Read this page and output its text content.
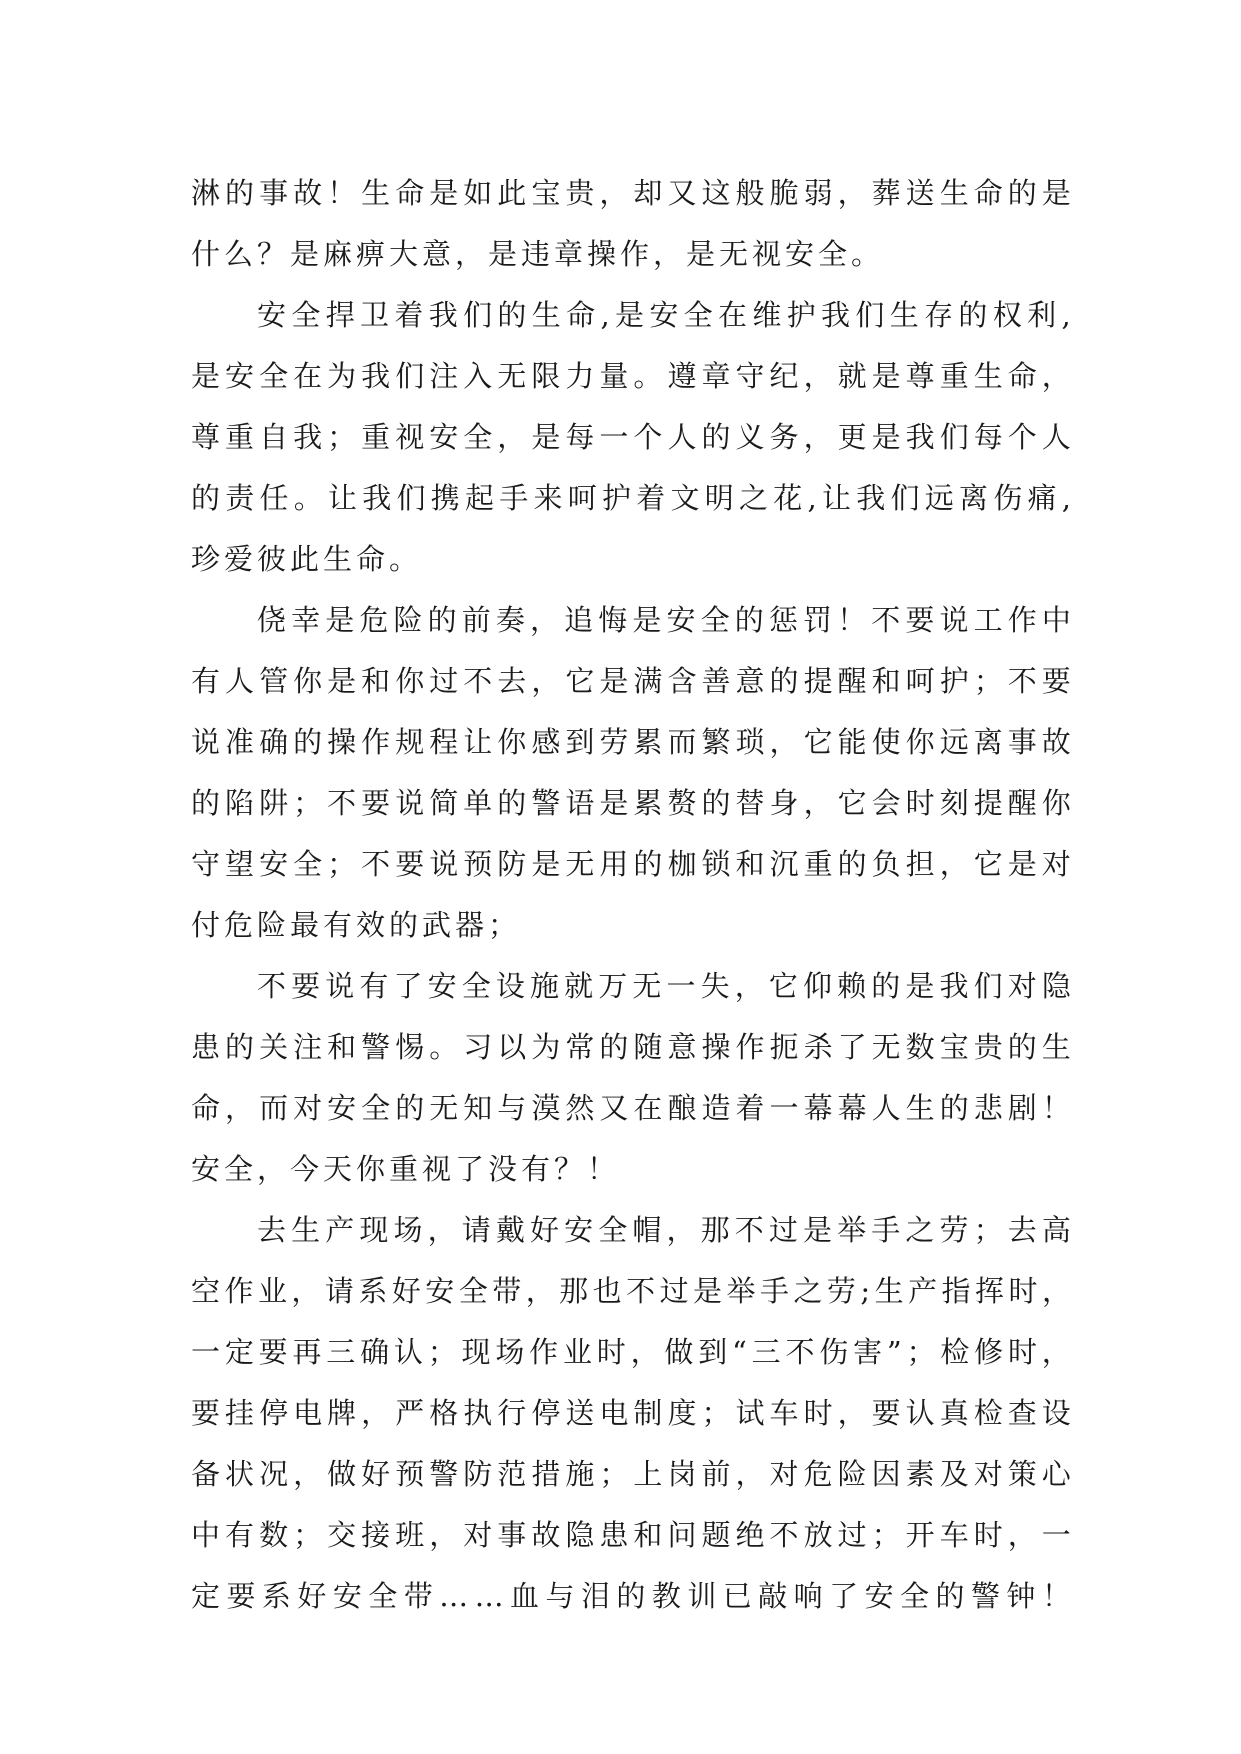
淋 的 事 故 ！ 生 命 是 如 此 宝 贵 ， 却 又 这 般 脆 弱 ， 葬 送 生 命 的 是
什么？是麻痹大意，是违章操作，是无视安全。
安 全 捍 卫 着 我 们 的 生 命 , 是 安 全 在 维 护 我 们 生 存 的 权 利 ,
是 安 全 在 为 我 们 注 入 无 限 力 量 。 遵 章 守 纪 ， 就 是 尊 重 生 命 ，
尊 重 自 我 ； 重 视 安 全 ， 是 每 一 个 人 的 义 务 ， 更 是 我 们 每 个 人
的 责 任 。 让 我 们 携 起 手 来 呵 护 着 文 明 之 花 , 让 我 们 远 离 伤 痛 ,
珍爱彼此生命。
侥 幸 是 危 险 的 前 奏 ， 追 悔 是 安 全 的 惩 罚 ！ 不 要 说 工 作 中
有 人 管 你 是 和 你 过 不 去 ， 它 是 满 含 善 意 的 提 醒 和 呵 护 ； 不 要
说 准 确 的 操 作 规 程 让 你 感 到 劳 累 而 繁 琐 ， 它 能 使 你 远 离 事 故
的 陷 阱 ； 不 要 说 简 单 的 警 语 是 累 赘 的 替 身 ， 它 会 时 刻 提 醒 你
守 望 安 全 ； 不 要 说 预 防 是 无 用 的 枷 锁 和 沉 重 的 负 担 ， 它 是 对
付危险最有效的武器；
不 要 说 有 了 安 全 设 施 就 万 无 一 失 ， 它 仰 赖 的 是 我 们 对 隐
患 的 关 注 和 警 惕 。 习 以 为 常 的 随 意 操 作 扼 杀 了 无 数 宝 贵 的 生
命 ， 而 对 安 全 的 无 知 与 漠 然 又 在 酿 造 着 一 幕 幕 人 生 的 悲 剧 ！
安全，今天你重视了没有？！
去 生 产 现 场 ， 请 戴 好 安 全 帽 ， 那 不 过 是 举 手 之 劳 ； 去 高
空 作 业 ， 请 系 好 安 全 带 ， 那 也 不 过 是 举 手 之 劳 ; 生 产 指 挥 时 ，
一 定 要 再 三 确 认 ； 现 场 作 业 时 ， 做 到 “ 三 不 伤 害 ” ； 检 修 时 ，
要 挂 停 电 牌 ， 严 格 执 行 停 送 电 制 度 ； 试 车 时 ， 要 认 真 检 查 设
备 状 况 ， 做 好 预 警 防 范 措 施 ； 上 岗 前 ， 对 危 险 因 素 及 对 策 心
中 有 数 ； 交 接 班 ， 对 事 故 隐 患 和 问 题 绝 不 放 过 ； 开 车 时 ， 一
定 要 系 好 安 全 带 … … 血 与 泪 的 教 训 已 敲 响 了 安 全 的 警 钟 ！
